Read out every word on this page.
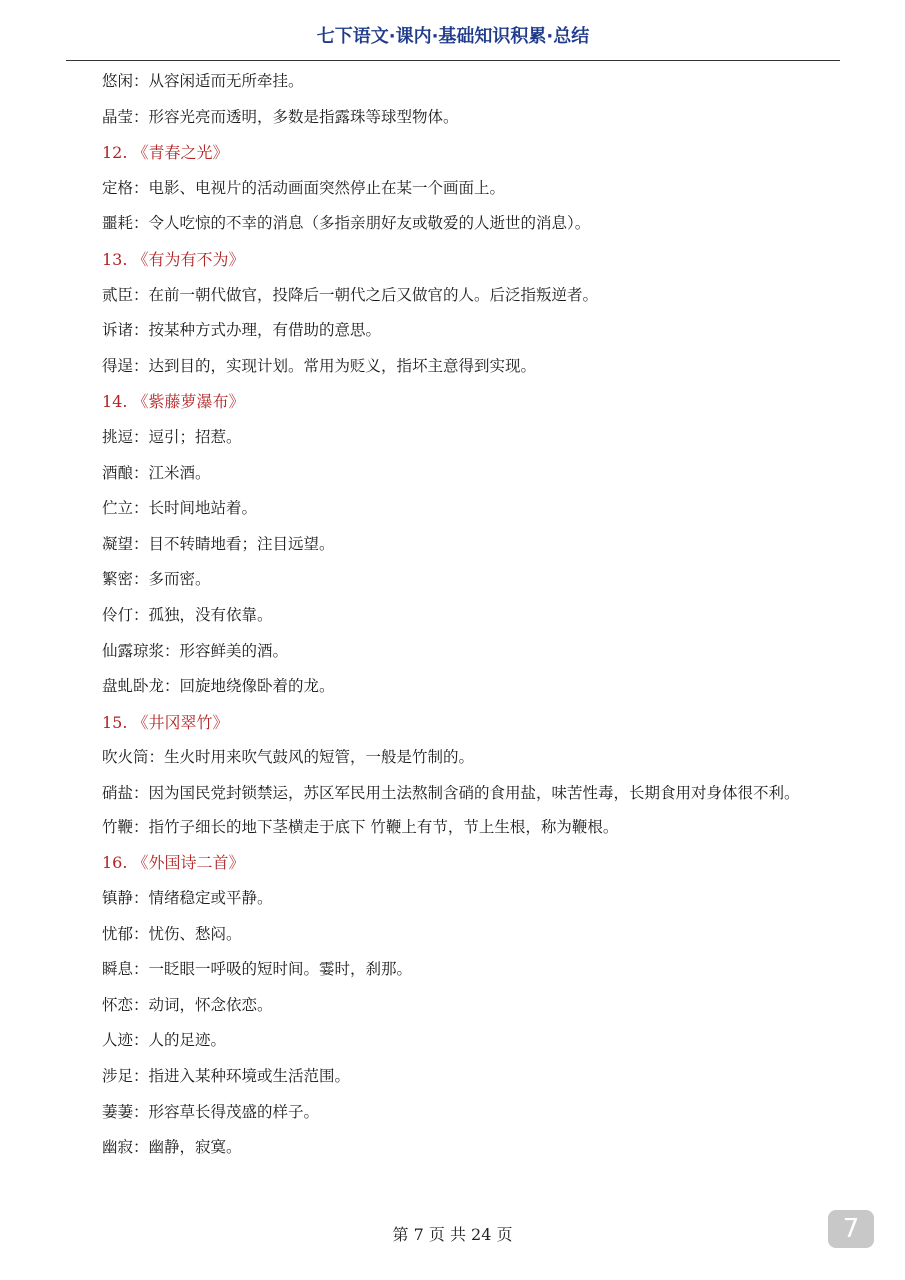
七下语文·课内·基础知识积累·总结
悠闲：从容闲适而无所牵挂。
晶莹：形容光亮而透明，多数是指露珠等球型物体。
12. 《青春之光》
定格：电影、电视片的活动画面突然停止在某一个画面上。
噩耗：令人吃惊的不幸的消息（多指亲朋好友或敬爱的人逝世的消息）。
13. 《有为有不为》
贰臣：在前一朝代做官，投降后一朝代之后又做官的人。后泛指叛逆者。
诉诸：按某种方式办理，有借助的意思。
得逞：达到目的，实现计划。常用为贬义，指坏主意得到实现。
14. 《紫藤萝瀑布》
挑逗：逗引；招惹。
酒酿：江米酒。
伫立：长时间地站着。
凝望：目不转睛地看；注目远望。
繁密：多而密。
伶仃：孤独，没有依靠。
仙露琼浆：形容鲜美的酒。
盘虬卧龙：回旋地绕像卧着的龙。
15. 《井冈翠竹》
吹火筒：生火时用来吹气鼓风的短管，一般是竹制的。
硝盐：因为国民党封锁禁运，苏区军民用土法熬制含硝的食用盐，味苦性毒，长期食用对身体很不利。
竹鞭：指竹子细长的地下茎横走于底下 竹鞭上有节，节上生根，称为鞭根。
16. 《外国诗二首》
镇静：情绪稳定或平静。
忧郁：忧伤、愁闷。
瞬息：一眨眼一呼吸的短时间。霎时，刹那。
怀恋：动词，怀念依恋。
人迹：人的足迹。
涉足：指进入某种环境或生活范围。
萋萋：形容草长得茂盛的样子。
幽寂：幽静，寂寞。
第 7 页 共 24 页	7
